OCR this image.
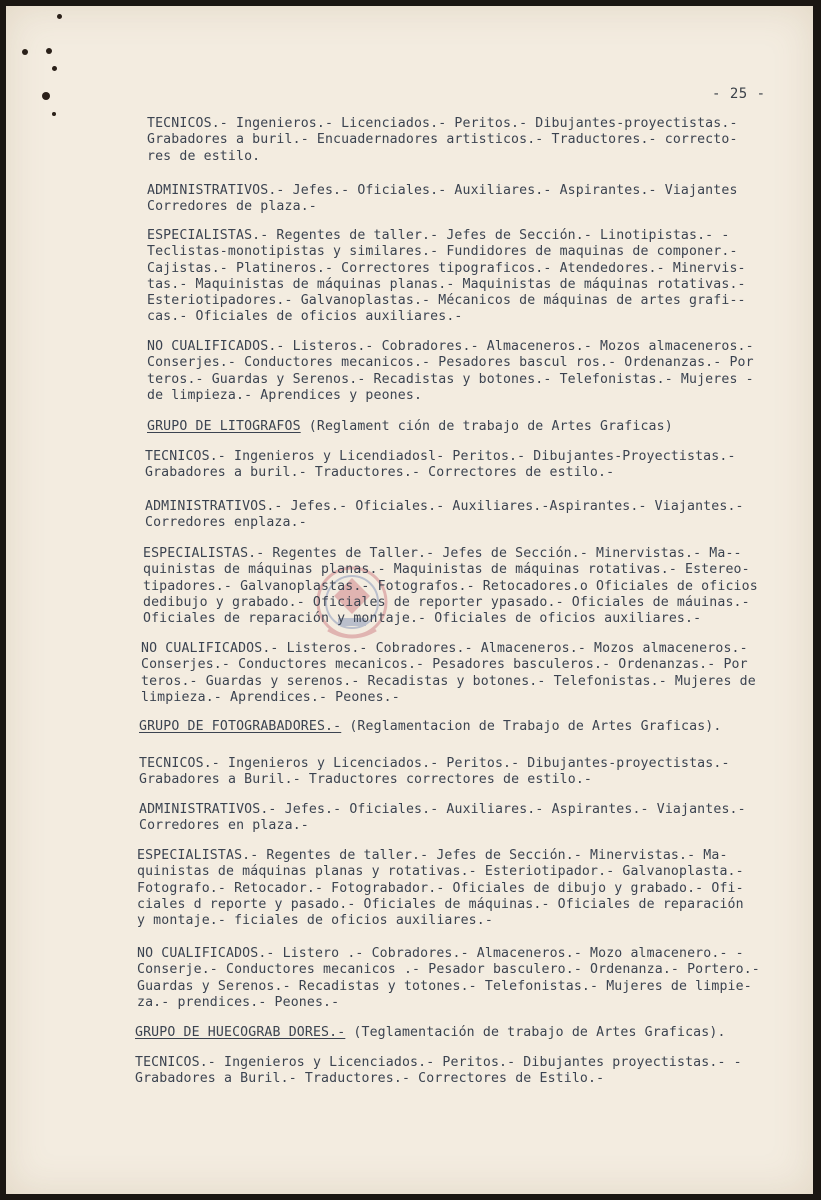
- 25 -
TECNICOS.- Ingenieros.- Licenciados.- Peritos.- Dibujantes-proyectistas.-
Grabadores a buril.- Encuadernadores artisticos.- Traductores.- correcto-
res de estilo.
ADMINISTRATIVOS.- Jefes.- Oficiales.- Auxiliares.- Aspirantes.- Viajantes
Corredores de plaza.-
ESPECIALISTAS.- Regentes de taller.- Jefes de Sección.- Linotipistas.- -
Teclistas-monotipistas y similares.- Fundidores de maquinas de componer.-
Cajistas.- Platineros.- Correctores tipograficos.- Atendedores.- Minervis-
tas.- Maquinistas de máquinas planas.- Maquinistas de máquinas rotativas.-
Esteriotipadores.- Galvanoplastas.- Mécanicos de máquinas de artes grafi--
cas.- Oficiales de oficios auxiliares.-
NO CUALIFICADOS.- Listeros.- Cobradores.- Almaceneros.- Mozos almaceneros.-
Conserjes.- Conductores mecanicos.- Pesadores bascul ros.- Ordenanzas.- Por
teros.- Guardas y Serenos.- Recadistas y botones.- Telefonistas.- Mujeres -
de limpieza.- Aprendices y peones.
GRUPO DE LITOGRAFOS (Reglament ción de trabajo de Artes Graficas)
TECNICOS.- Ingenieros y Licendiadosl- Peritos.- Dibujantes-Proyectistas.-
Grabadores a buril.- Traductores.- Correctores de estilo.-
ADMINISTRATIVOS.- Jefes.- Oficiales.- Auxiliares.-Aspirantes.- Viajantes.-
Corredores enplaza.-
ESPECIALISTAS.- Regentes de Taller.- Jefes de Sección.- Minervistas.- Ma--
quinistas de máquinas planas.- Maquinistas de máquinas rotativas.- Estereo-
tipadores.- Galvanoplastas.- Fotografos.- Retocadores.o Oficiales de oficios
dedibujo y grabado.- Oficiales de reporter ypasado.- Oficiales de máuinas.-
Oficiales de reparación y montaje.- Oficiales de oficios auxiliares.-
NO CUALIFICADOS.- Listeros.- Cobradores.- Almaceneros.- Mozos almaceneros.-
Conserjes.- Conductores mecanicos.- Pesadores basculeros.- Ordenanzas.- Por
teros.- Guardas y serenos.- Recadistas y botones.- Telefonistas.- Mujeres de
limpieza.- Aprendices.- Peones.-
GRUPO DE FOTOGRABADORES.- (Reglamentacion de Trabajo de Artes Graficas).
TECNICOS.- Ingenieros y Licenciados.- Peritos.- Dibujantes-proyectistas.-
Grabadores a Buril.- Traductores correctores de estilo.-
ADMINISTRATIVOS.- Jefes.- Oficiales.- Auxiliares.- Aspirantes.- Viajantes.-
Corredores en plaza.-
ESPECIALISTAS.- Regentes de taller.- Jefes de Sección.- Minervistas.- Ma-
quinistas de máquinas planas y rotativas.- Esteriotipador.- Galvanoplasta.-
Fotografo.- Retocador.- Fotograbador.- Oficiales de dibujo y grabado.- Ofi-
ciales d reporte y pasado.- Oficiales de máquinas.- Oficiales de reparación
y montaje.- ficiales de oficios auxiliares.-
NO CUALIFICADOS.- Listero .- Cobradores.- Almaceneros.- Mozo almacenero.- -
Conserje.- Conductores mecanicos .- Pesador basculero.- Ordenanza.- Portero.-
Guardas y Serenos.- Recadistas y totones.- Telefonistas.- Mujeres de limpie-
za.- prendices.- Peones.-
GRUPO DE HUECOGRAB DORES.- (Teglamentación de trabajo de Artes Graficas).
TECNICOS.- Ingenieros y Licenciados.- Peritos.- Dibujantes proyectistas.- -
Grabadores a Buril.- Traductores.- Correctores de Estilo.-
